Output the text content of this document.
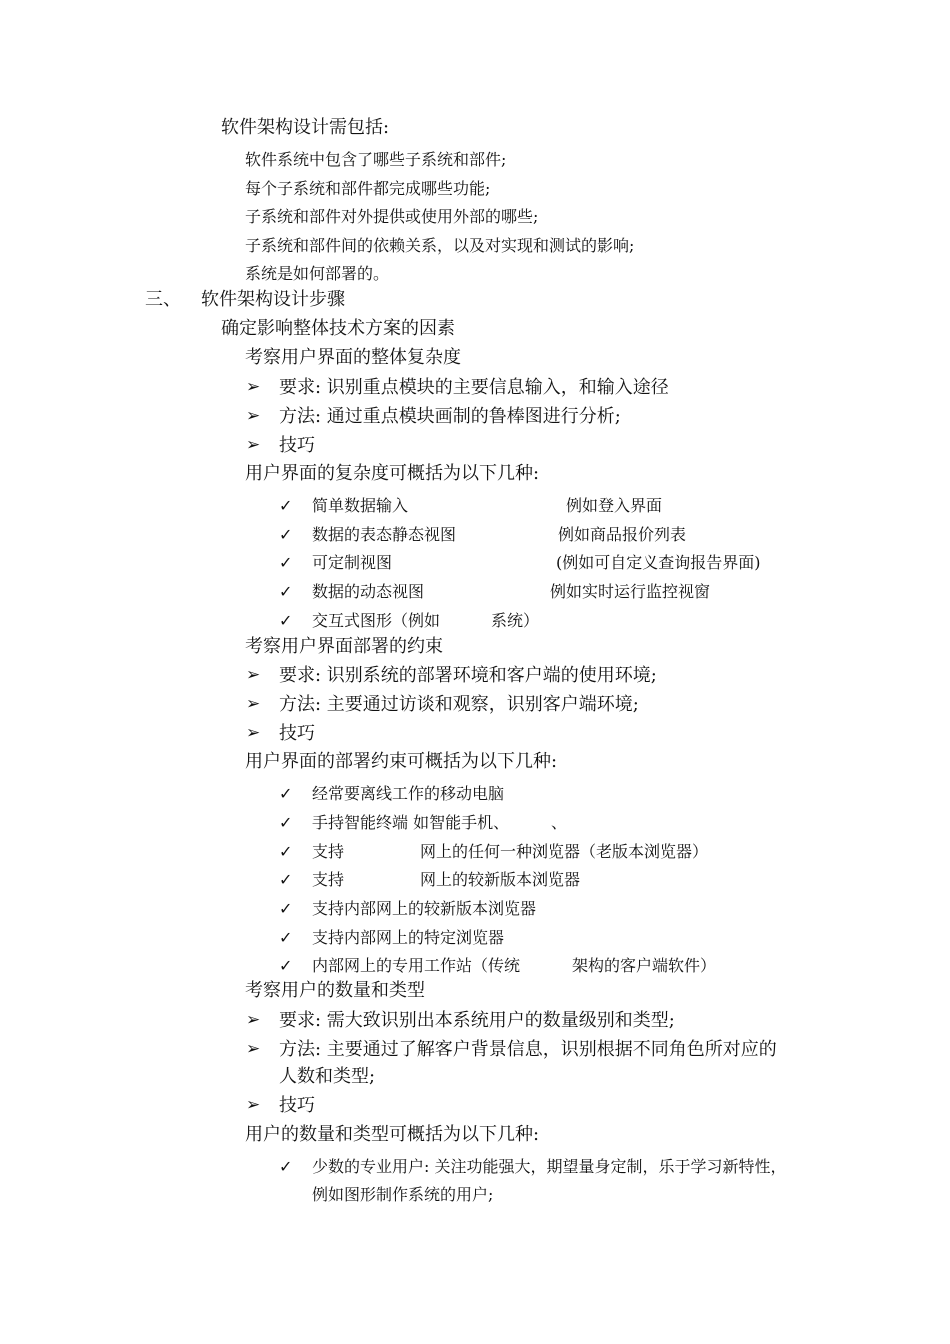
软件架构设计需包括:
软件系统中包含了哪些子系统和部件;
每个子系统和部件都完成哪些功能;
子系统和部件对外提供或使用外部的哪些;
子系统和部件间的依赖关系，以及对实现和测试的影响;
系统是如何部署的。
三、 软件架构设计步骤
确定影响整体技术方案的因素
考察用户界面的整体复杂度
➢ 要求: 识别重点模块的主要信息输入，和输入途径
➢ 方法: 通过重点模块画制的鲁棒图进行分析;
➢ 技巧
用户界面的复杂度可概括为以下几种:
✓ 简单数据输入	例如登入界面
✓ 数据的表态静态视图	例如商品报价列表
✓ 可定制视图	(例如可自定义查询报告界面)
✓ 数据的动态视图	例如实时运行监控视窗
✓ 交互式图形（例如	系统）
考察用户界面部署的约束
➢ 要求: 识别系统的部署环境和客户端的使用环境;
➢ 方法: 主要通过访谈和观察，识别客户端环境;
➢ 技巧
用户界面的部署约束可概括为以下几种:
✓ 经常要离线工作的移动电脑
✓ 手持智能终端 如智能手机、	、
✓ 支持	网上的任何一种浏览器（老版本浏览器）
✓ 支持	网上的较新版本浏览器
✓ 支持内部网上的较新版本浏览器
✓ 支持内部网上的特定浏览器
✓ 内部网上的专用工作站（传统	架构的客户端软件）
考察用户的数量和类型
➢ 要求: 需大致识别出本系统用户的数量级别和类型;
➢ 方法: 主要通过了解客户背景信息，识别根据不同角色所对应的
人数和类型;
➢ 技巧
用户的数量和类型可概括为以下几种:
✓ 少数的专业用户: 关注功能强大，期望量身定制，乐于学习新特性，
例如图形制作系统的用户;
